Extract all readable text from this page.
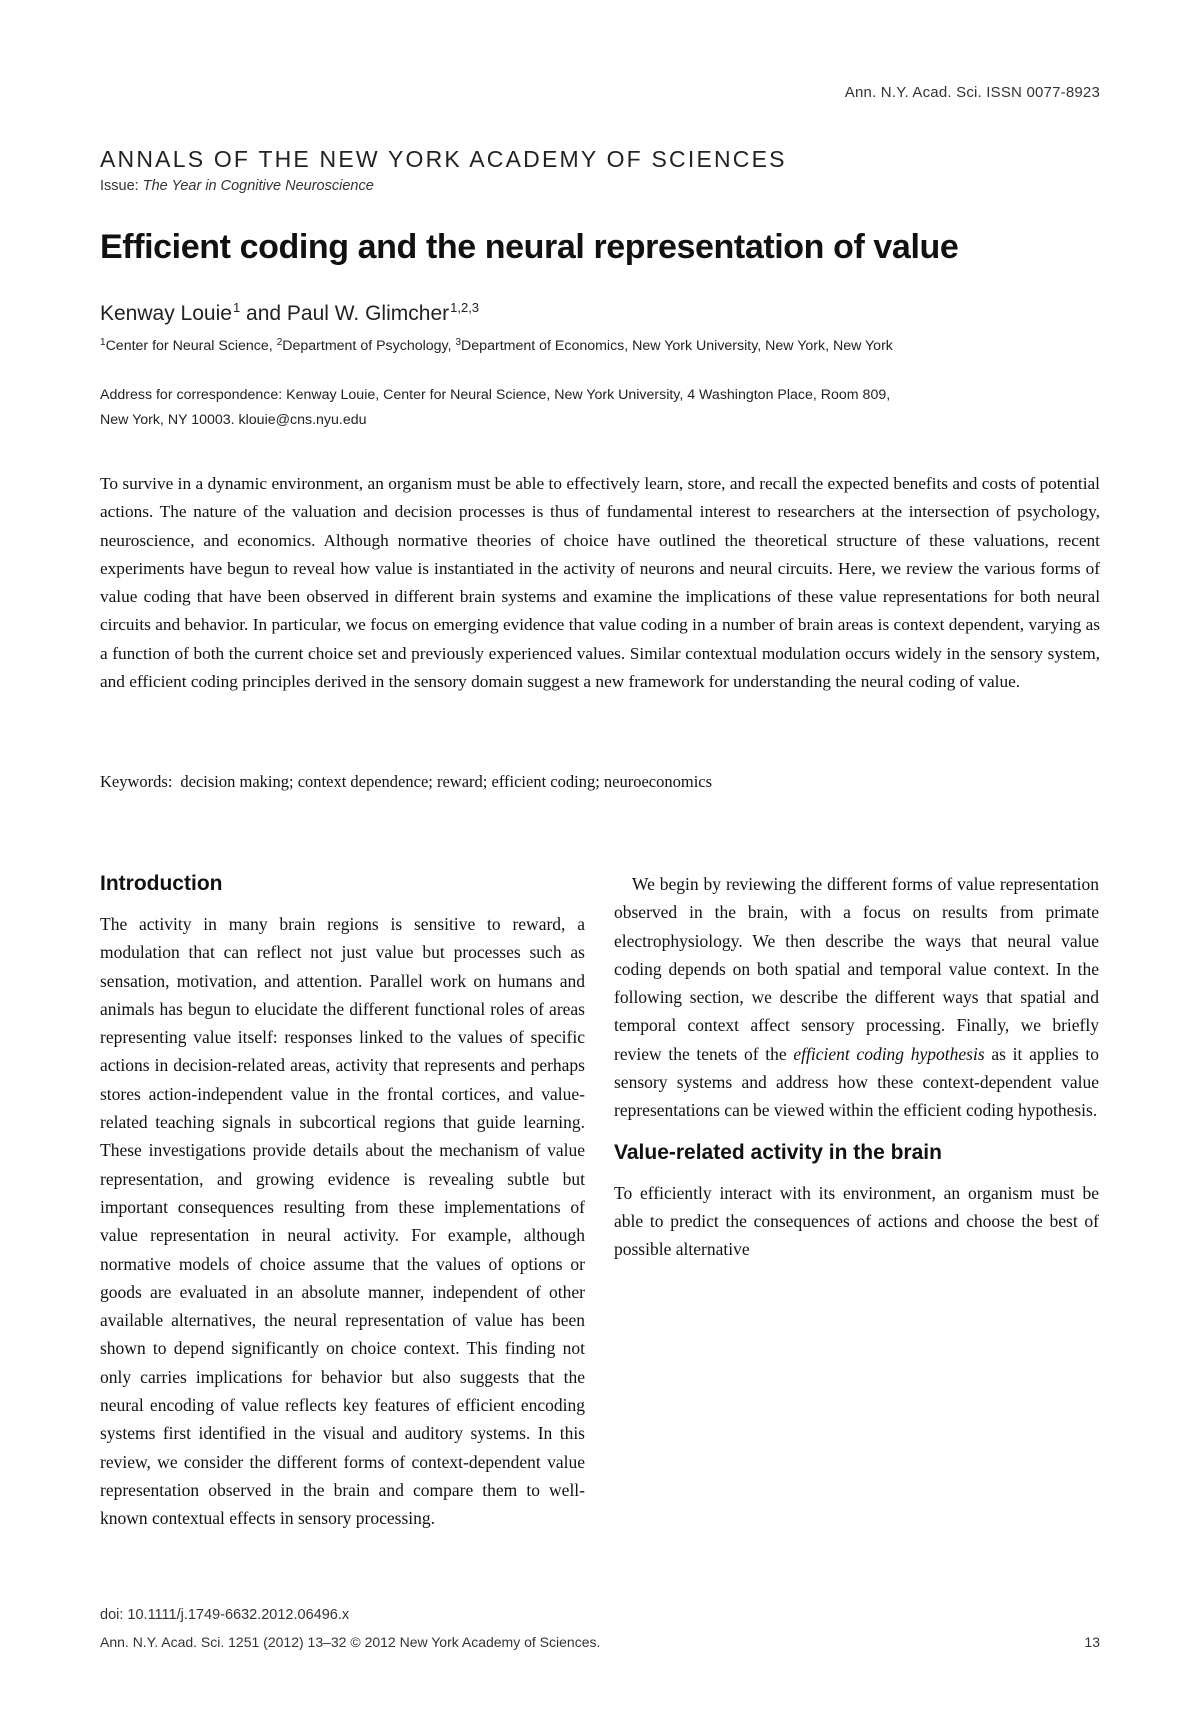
Ann. N.Y. Acad. Sci. ISSN 0077-8923
ANNALS OF THE NEW YORK ACADEMY OF SCIENCES
Issue: The Year in Cognitive Neuroscience
Efficient coding and the neural representation of value
Kenway Louie$^1$ and Paul W. Glimcher$^{1,2,3}$
$^1$Center for Neural Science, $^2$Department of Psychology, $^3$Department of Economics, New York University, New York, New York
Address for correspondence: Kenway Louie, Center for Neural Science, New York University, 4 Washington Place, Room 809,
New York, NY 10003. klouie@cns.nyu.edu
To survive in a dynamic environment, an organism must be able to effectively learn, store, and recall the expected benefits and costs of potential actions. The nature of the valuation and decision processes is thus of fundamental interest to researchers at the intersection of psychology, neuroscience, and economics. Although normative theories of choice have outlined the theoretical structure of these valuations, recent experiments have begun to reveal how value is instantiated in the activity of neurons and neural circuits. Here, we review the various forms of value coding that have been observed in different brain systems and examine the implications of these value representations for both neural circuits and behavior. In particular, we focus on emerging evidence that value coding in a number of brain areas is context dependent, varying as a function of both the current choice set and previously experienced values. Similar contextual modulation occurs widely in the sensory system, and efficient coding principles derived in the sensory domain suggest a new framework for understanding the neural coding of value.
Keywords: decision making; context dependence; reward; efficient coding; neuroeconomics
Introduction

The activity in many brain regions is sensitive to reward, a modulation that can reflect not just value but processes such as sensation, motivation, and attention. Parallel work on humans and animals has begun to elucidate the different functional roles of areas representing value itself: responses linked to the values of specific actions in decision-related areas, activity that represents and perhaps stores action-independent value in the frontal cortices, and value-related teaching signals in subcortical regions that guide learning. These investigations provide details about the mechanism of value representation, and growing evidence is revealing subtle but important consequences resulting from these implementations of value representation in neural activity. For example, although normative models of choice assume that the values of options or goods are evaluated in an absolute manner, independent of other available alternatives, the neural representation of value has been shown to depend significantly on choice context. This finding not only carries implications for behavior but also suggests that the neural encoding of value reflects key features of efficient encoding systems first identified in the visual and auditory systems. In this review, we consider the different forms of context-dependent value representation observed in the brain and compare them to well-known contextual effects in sensory processing.

We begin by reviewing the different forms of value representation observed in the brain, with a focus on results from primate electrophysiology. We then describe the ways that neural value coding depends on both spatial and temporal value context. In the following section, we describe the different ways that spatial and temporal context affect sensory processing. Finally, we briefly review the tenets of the efficient coding hypothesis as it applies to sensory systems and address how these context-dependent value representations can be viewed within the efficient coding hypothesis.

Value-related activity in the brain

To efficiently interact with its environment, an organism must be able to predict the consequences of actions and choose the best of possible alternative

doi: 10.1111/j.1749-6632.2012.06496.x
Ann. N.Y. Acad. Sci. 1251 (2012) 13–32 © 2012 New York Academy of Sciences.	13
